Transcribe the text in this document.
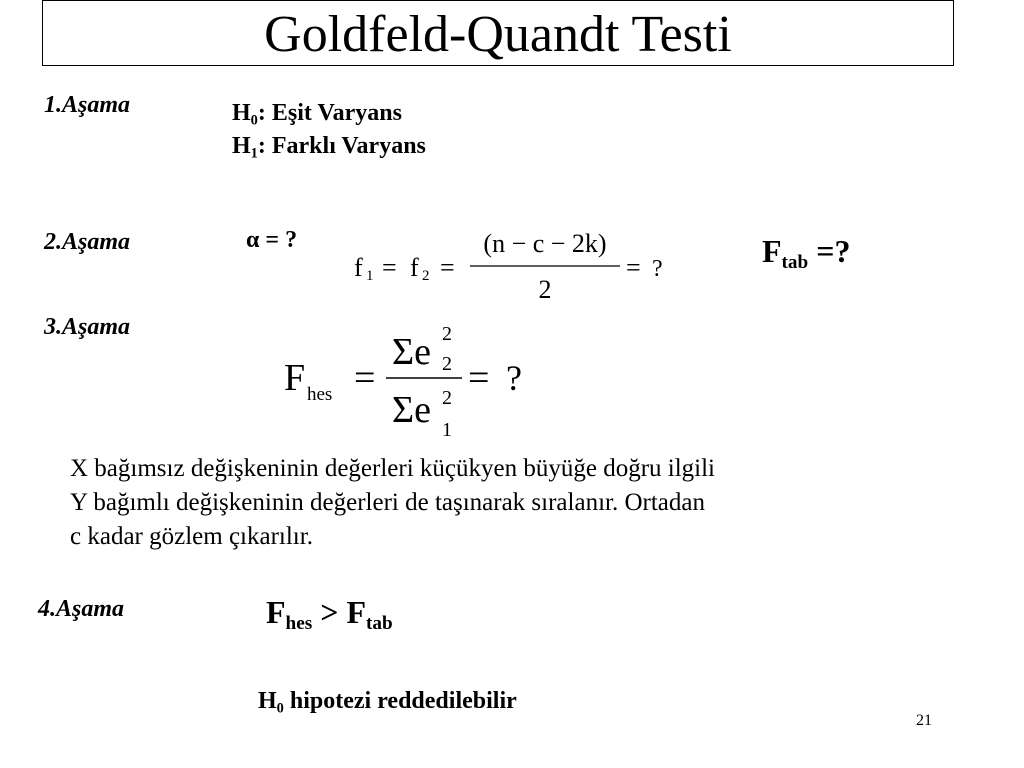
Goldfeld-Quandt Testi
1.Aşama	$H_0$: Eşit Varyans
$H_1$: Farklı Varyans
2.Aşama	α = ?
f 1 = f 2 =
(n − c − 2k)
2
= ?	$F_{tab}$ =?
3.Aşama
F hes =
Σe 2
2
Σe 2
1
= ?
X bağımsız değişkeninin değerleri küçükyen büyüğe doğru ilgili
Y bağımlı değişkeninin değerleri de taşınarak sıralanır. Ortadan
c kadar gözlem çıkarılır.
4.Aşama	$F_{hes} > F_{tab}$
$H_0$ hipotezi reddedilebilir
21
